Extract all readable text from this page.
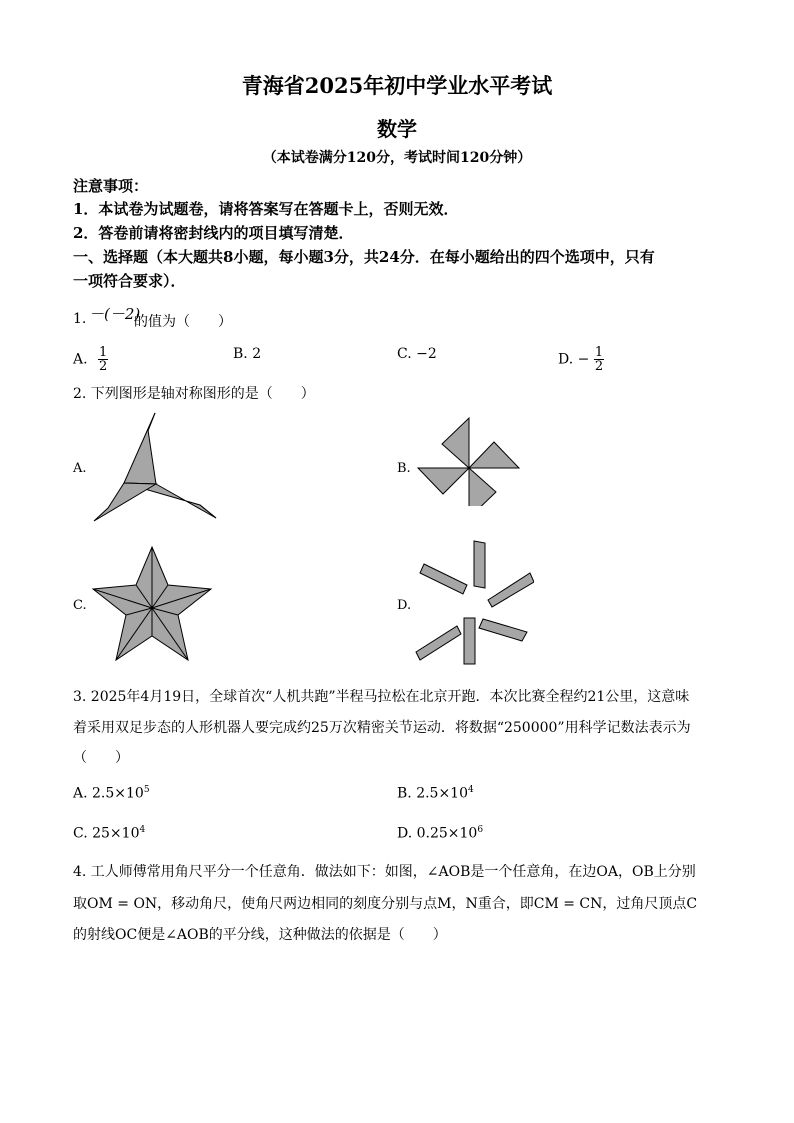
青海省2025年初中学业水平考试
数学
（本试卷满分120分，考试时间120分钟）
注意事项：
1．本试卷为试题卷，请将答案写在答题卡上，否则无效．
2．答卷前请将密封线内的项目填写清楚．
一、选择题（本大题共8小题，每小题3分，共24分．在每小题给出的四个选项中，只有
一项符合要求）．
1. －(－2)
的值为（　　）
A. $\frac{1}{2}$	B. 2	C. −2	D. − $\frac{1}{2}$
2. 下列图形是轴对称图形的是（　　）
A.	B.
C.	D.
3. 2025年4月19日，全球首次“人机共跑”半程马拉松在北京开跑．本次比赛全程约21公里，这意味
着采用双足步态的人形机器人要完成约25万次精密关节运动．将数据“250000”用科学记数法表示为
（　　）
A. $2.5\times 10^5$	B. $2.5\times 10^4$
C. $25\times 10^4$	D. $0.25\times 10^6$
4. 工人师傅常用角尺平分一个任意角．做法如下：如图，∠AOB是一个任意角，在边OA，OB上分别
取OM = ON，移动角尺，使角尺两边相同的刻度分别与点M，N重合，即CM = CN，过角尺顶点C
的射线OC便是∠AOB的平分线，这种做法的依据是（　　）
